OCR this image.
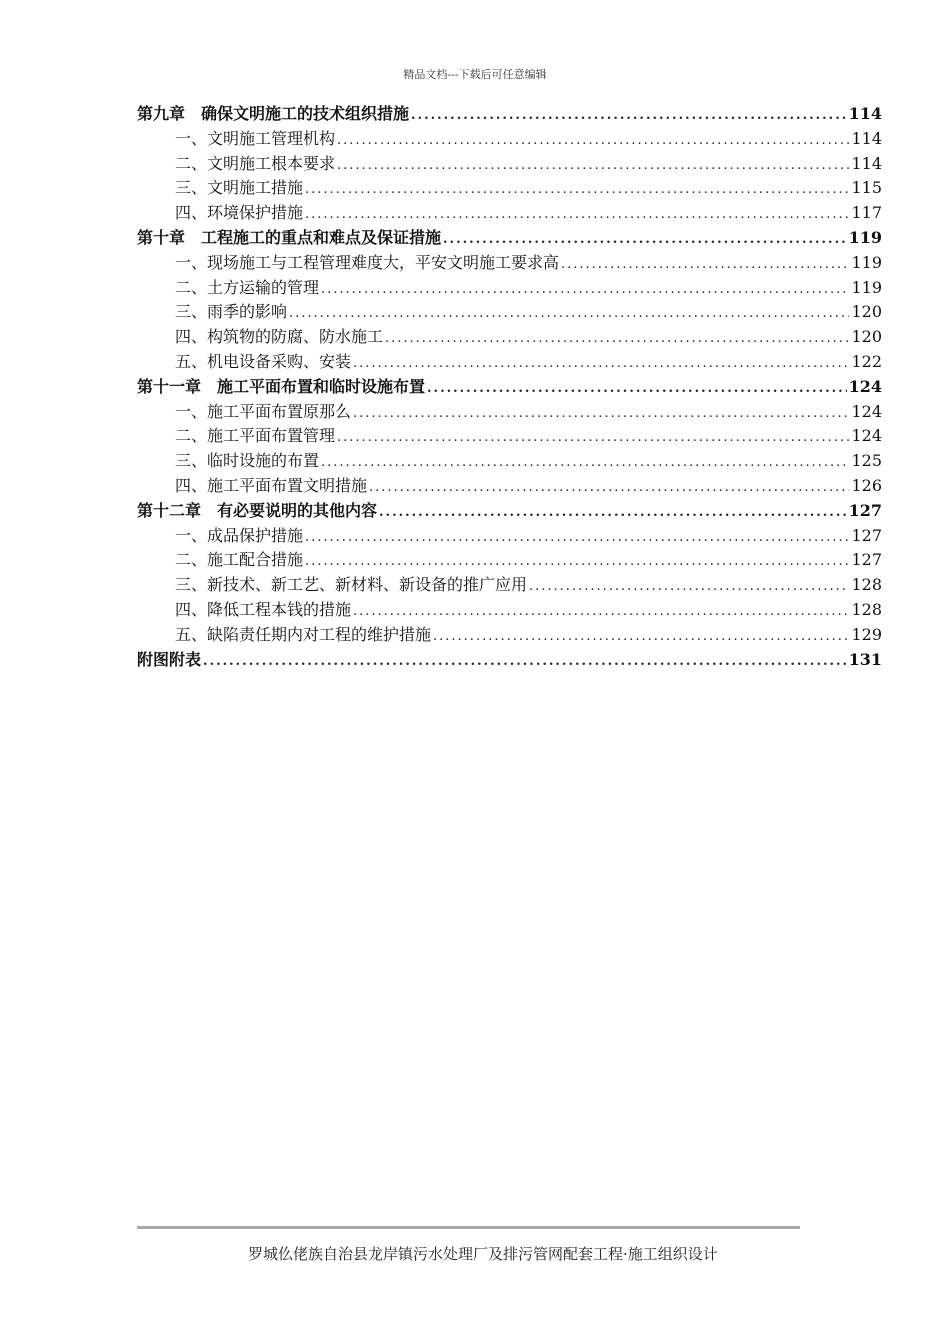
精品文档---下载后可任意编辑
第九章　确保文明施工的技术组织措施 .....	114
一、文明施工管理机构 .....	114
二、文明施工根本要求 .....	114
三、文明施工措施 .....	115
四、环境保护措施 .....	117
第十章　工程施工的重点和难点及保证措施 .....	119
一、现场施工与工程管理难度大，平安文明施工要求高 .....	119
二、土方运输的管理 .....	119
三、雨季的影响 .....	120
四、构筑物的防腐、防水施工 .....	120
五、机电设备采购、安装 .....	122
第十一章　施工平面布置和临时设施布置 .....	124
一、施工平面布置原那么 .....	124
二、施工平面布置管理 .....	124
三、临时设施的布置 .....	125
四、施工平面布置文明措施 .....	126
第十二章　有必要说明的其他内容 .....	127
一、成品保护措施 .....	127
二、施工配合措施 .....	127
三、新技术、新工艺、新材料、新设备的推广应用 .....	128
四、降低工程本钱的措施 .....	128
五、缺陷责任期内对工程的维护措施 .....	129
附图附表 .....	131
罗城仫佬族自治县龙岸镇污水处理厂及排污管网配套工程·施工组织设计
